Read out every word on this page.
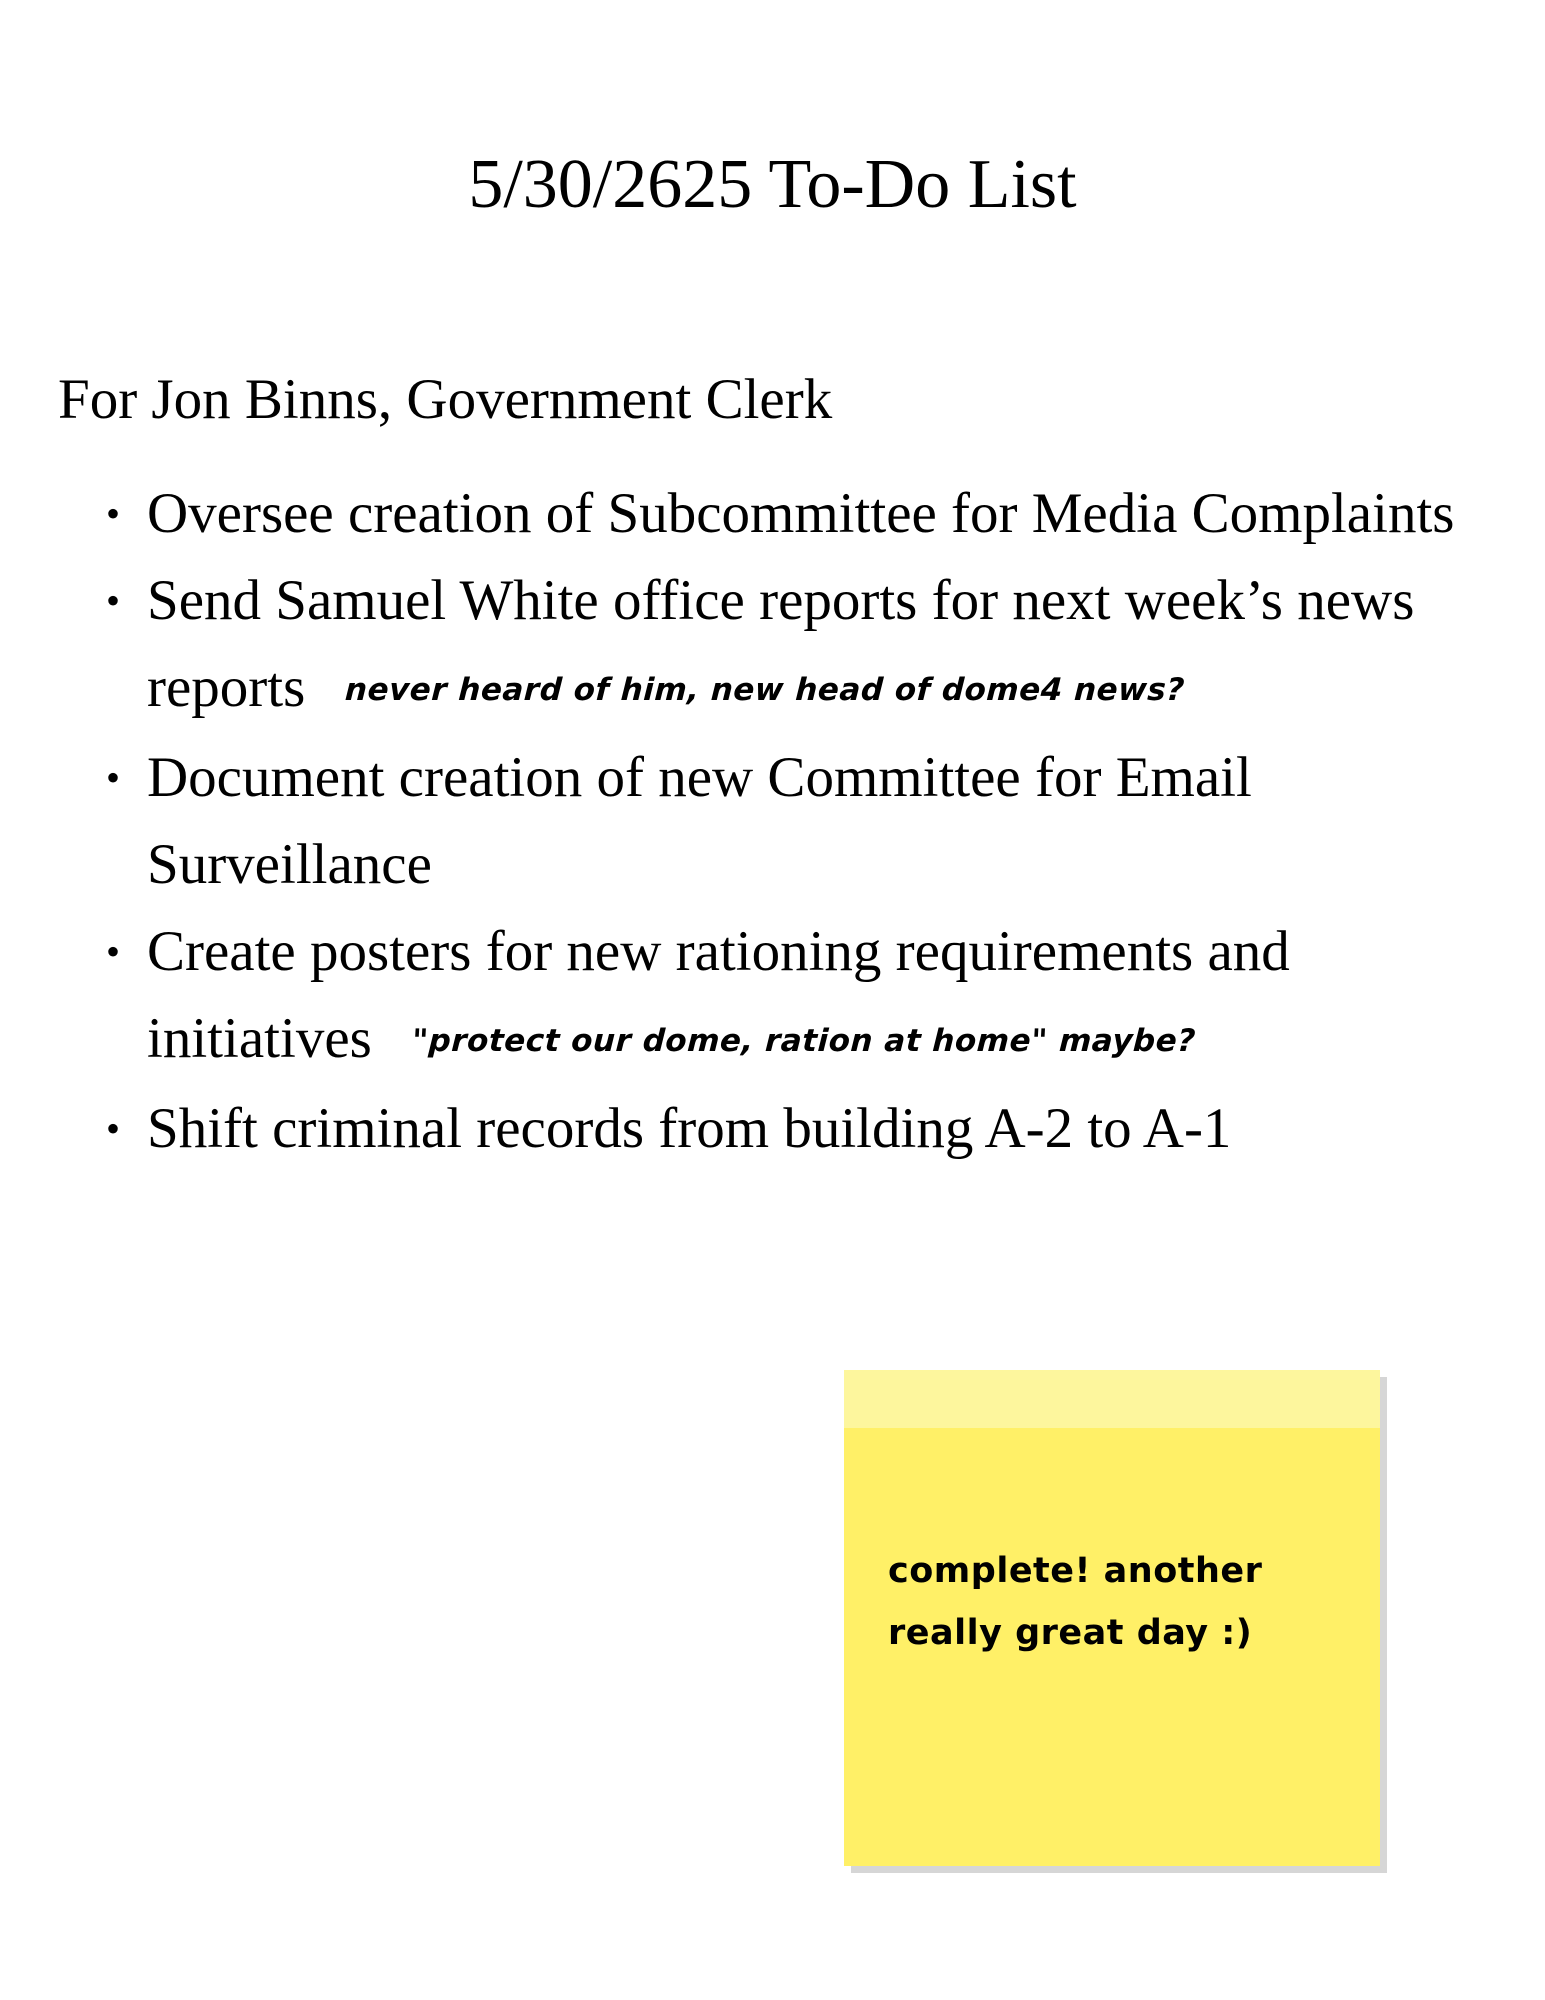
5/30/2625 To-Do List

For Jon Binns, Government Clerk

• Oversee creation of Subcommittee for Media Complaints
• Send Samuel White office reports for next week’s news reports never heard of him, new head of dome4 news?
• Document creation of new Committee for Email Surveillance
• Create posters for new rationing requirements and initiatives "protect our dome, ration at home" maybe?
• Shift criminal records from building A-2 to A-1

complete! another
really great day :)
